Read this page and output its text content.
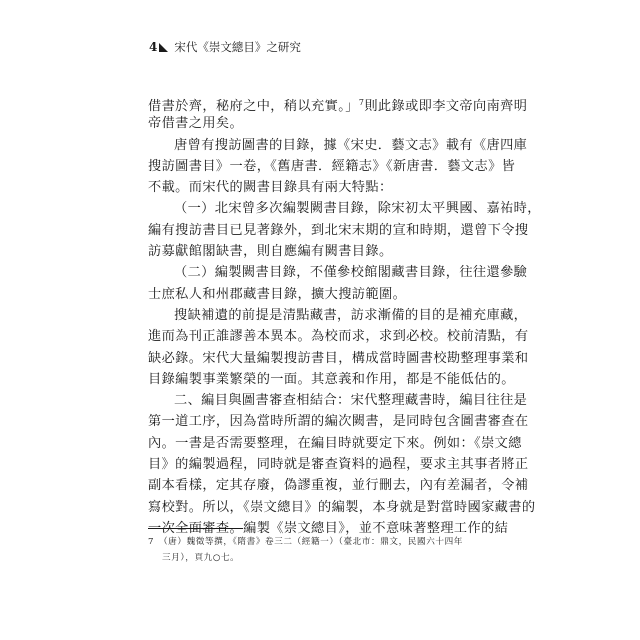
4 宋代《崇文總目》之研究
借書於齊，秘府之中，稍以充實。」$^7$則此錄或即李文帝向南齊明
帝借書之用矣。
唐曾有搜訪圖書的目錄，據《宋史．藝文志》載有《唐四庫
搜訪圖書目》一卷，《舊唐書．經籍志》《新唐書．藝文志》皆
不載。而宋代的闕書目錄具有兩大特點：
（一）北宋曾多次編製闕書目錄，除宋初太平興國、嘉祐時，
編有搜訪書目已見著錄外，到北宋末期的宣和時期，還曾下令搜
訪募獻館閣缺書，則自應編有闕書目錄。
（二）編製闕書目錄，不僅參校館閣藏書目錄，往往還參驗
士庶私人和州郡藏書目錄，擴大搜訪範圍。
搜缺補遺的前提是清點藏書，訪求漸備的目的是補充庫藏，
進而為刊正誰謬善本異本。為校而求，求到必校。校前清點，有
缺必錄。宋代大量編製搜訪書目，構成當時圖書校勘整理事業和
目錄編製事業繁榮的一面。其意義和作用，都是不能低估的。
二、編目與圖書審查相結合：宋代整理藏書時，編目往往是
第一道工序，因為當時所謂的編次闕書，是同時包含圖書審查在
內。一書是否需要整理，在編目時就要定下來。例如：《崇文總
目》的編製過程，同時就是審查資料的過程，要求主其事者將正
副本看樣，定其存廢，偽謬重複，並行刪去，內有差漏者，令補
寫校對。所以，《崇文總目》的編製，本身就是對當時國家藏書的
一次全面審查。編製《崇文總目》，並不意味著整理工作的結
7　 （唐）魏徵等撰，《隋書》卷三二（經籍一）（臺北市：鼎文，民國六十四年
三月），頁九○七。
